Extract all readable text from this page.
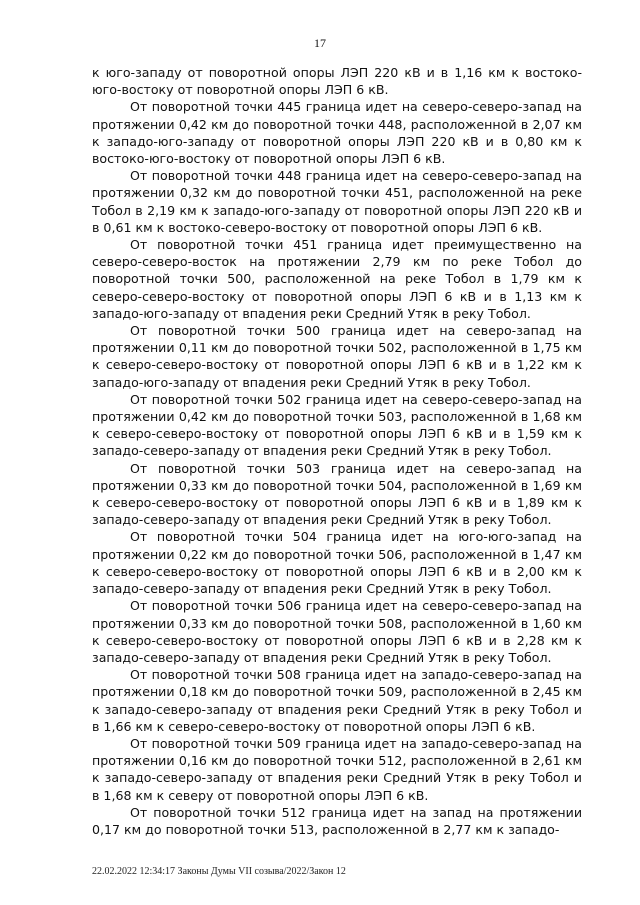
17

к юго-западу от поворотной опоры ЛЭП 220 кВ и в 1,16 км к востоко-юго-востоку от поворотной опоры ЛЭП 6 кВ.

От поворотной точки 445 граница идет на северо-северо-запад на протяжении 0,42 км до поворотной точки 448, расположенной в 2,07 км к западо-юго-западу от поворотной опоры ЛЭП 220 кВ и в 0,80 км к востоко-юго-востоку от поворотной опоры ЛЭП 6 кВ.

От поворотной точки 448 граница идет на северо-северо-запад на протяжении 0,32 км до поворотной точки 451, расположенной на реке Тобол в 2,19 км к западо-юго-западу от поворотной опоры ЛЭП 220 кВ и в 0,61 км к востоко-северо-востоку от поворотной опоры ЛЭП 6 кВ.

От поворотной точки 451 граница идет преимущественно на северо-северо-восток на протяжении 2,79 км по реке Тобол до поворотной точки 500, расположенной на реке Тобол в 1,79 км к северо-северо-востоку от поворотной опоры ЛЭП 6 кВ и в 1,13 км к западо-юго-западу от впадения реки Средний Утяк в реку Тобол.

От поворотной точки 500 граница идет на северо-запад на протяжении 0,11 км до поворотной точки 502, расположенной в 1,75 км к северо-северо-востоку от поворотной опоры ЛЭП 6 кВ и в 1,22 км к западо-юго-западу от впадения реки Средний Утяк в реку Тобол.

От поворотной точки 502 граница идет на северо-северо-запад на протяжении 0,42 км до поворотной точки 503, расположенной в 1,68 км к северо-северо-востоку от поворотной опоры ЛЭП 6 кВ и в 1,59 км к западо-северо-западу от впадения реки Средний Утяк в реку Тобол.

От поворотной точки 503 граница идет на северо-запад на протяжении 0,33 км до поворотной точки 504, расположенной в 1,69 км к северо-северо-востоку от поворотной опоры ЛЭП 6 кВ и в 1,89 км к западо-северо-западу от впадения реки Средний Утяк в реку Тобол.

От поворотной точки 504 граница идет на юго-юго-запад на протяжении 0,22 км до поворотной точки 506, расположенной в 1,47 км к северо-северо-востоку от поворотной опоры ЛЭП 6 кВ и в 2,00 км к западо-северо-западу от впадения реки Средний Утяк в реку Тобол.

От поворотной точки 506 граница идет на северо-северо-запад на протяжении 0,33 км до поворотной точки 508, расположенной в 1,60 км к северо-северо-востоку от поворотной опоры ЛЭП 6 кВ и в 2,28 км к западо-северо-западу от впадения реки Средний Утяк в реку Тобол.

От поворотной точки 508 граница идет на западо-северо-запад на протяжении 0,18 км до поворотной точки 509, расположенной в 2,45 км к западо-северо-западу от впадения реки Средний Утяк в реку Тобол и в 1,66 км к северо-северо-востоку от поворотной опоры ЛЭП 6 кВ.

От поворотной точки 509 граница идет на западо-северо-запад на протяжении 0,16 км до поворотной точки 512, расположенной в 2,61 км к западо-северо-западу от впадения реки Средний Утяк в реку Тобол и в 1,68 км к северу от поворотной опоры ЛЭП 6 кВ.

От поворотной точки 512 граница идет на запад на протяжении 0,17 км до поворотной точки 513, расположенной в 2,77 км к западо-

22.02.2022 12:34:17 Законы Думы VII созыва/2022/Закон 12
